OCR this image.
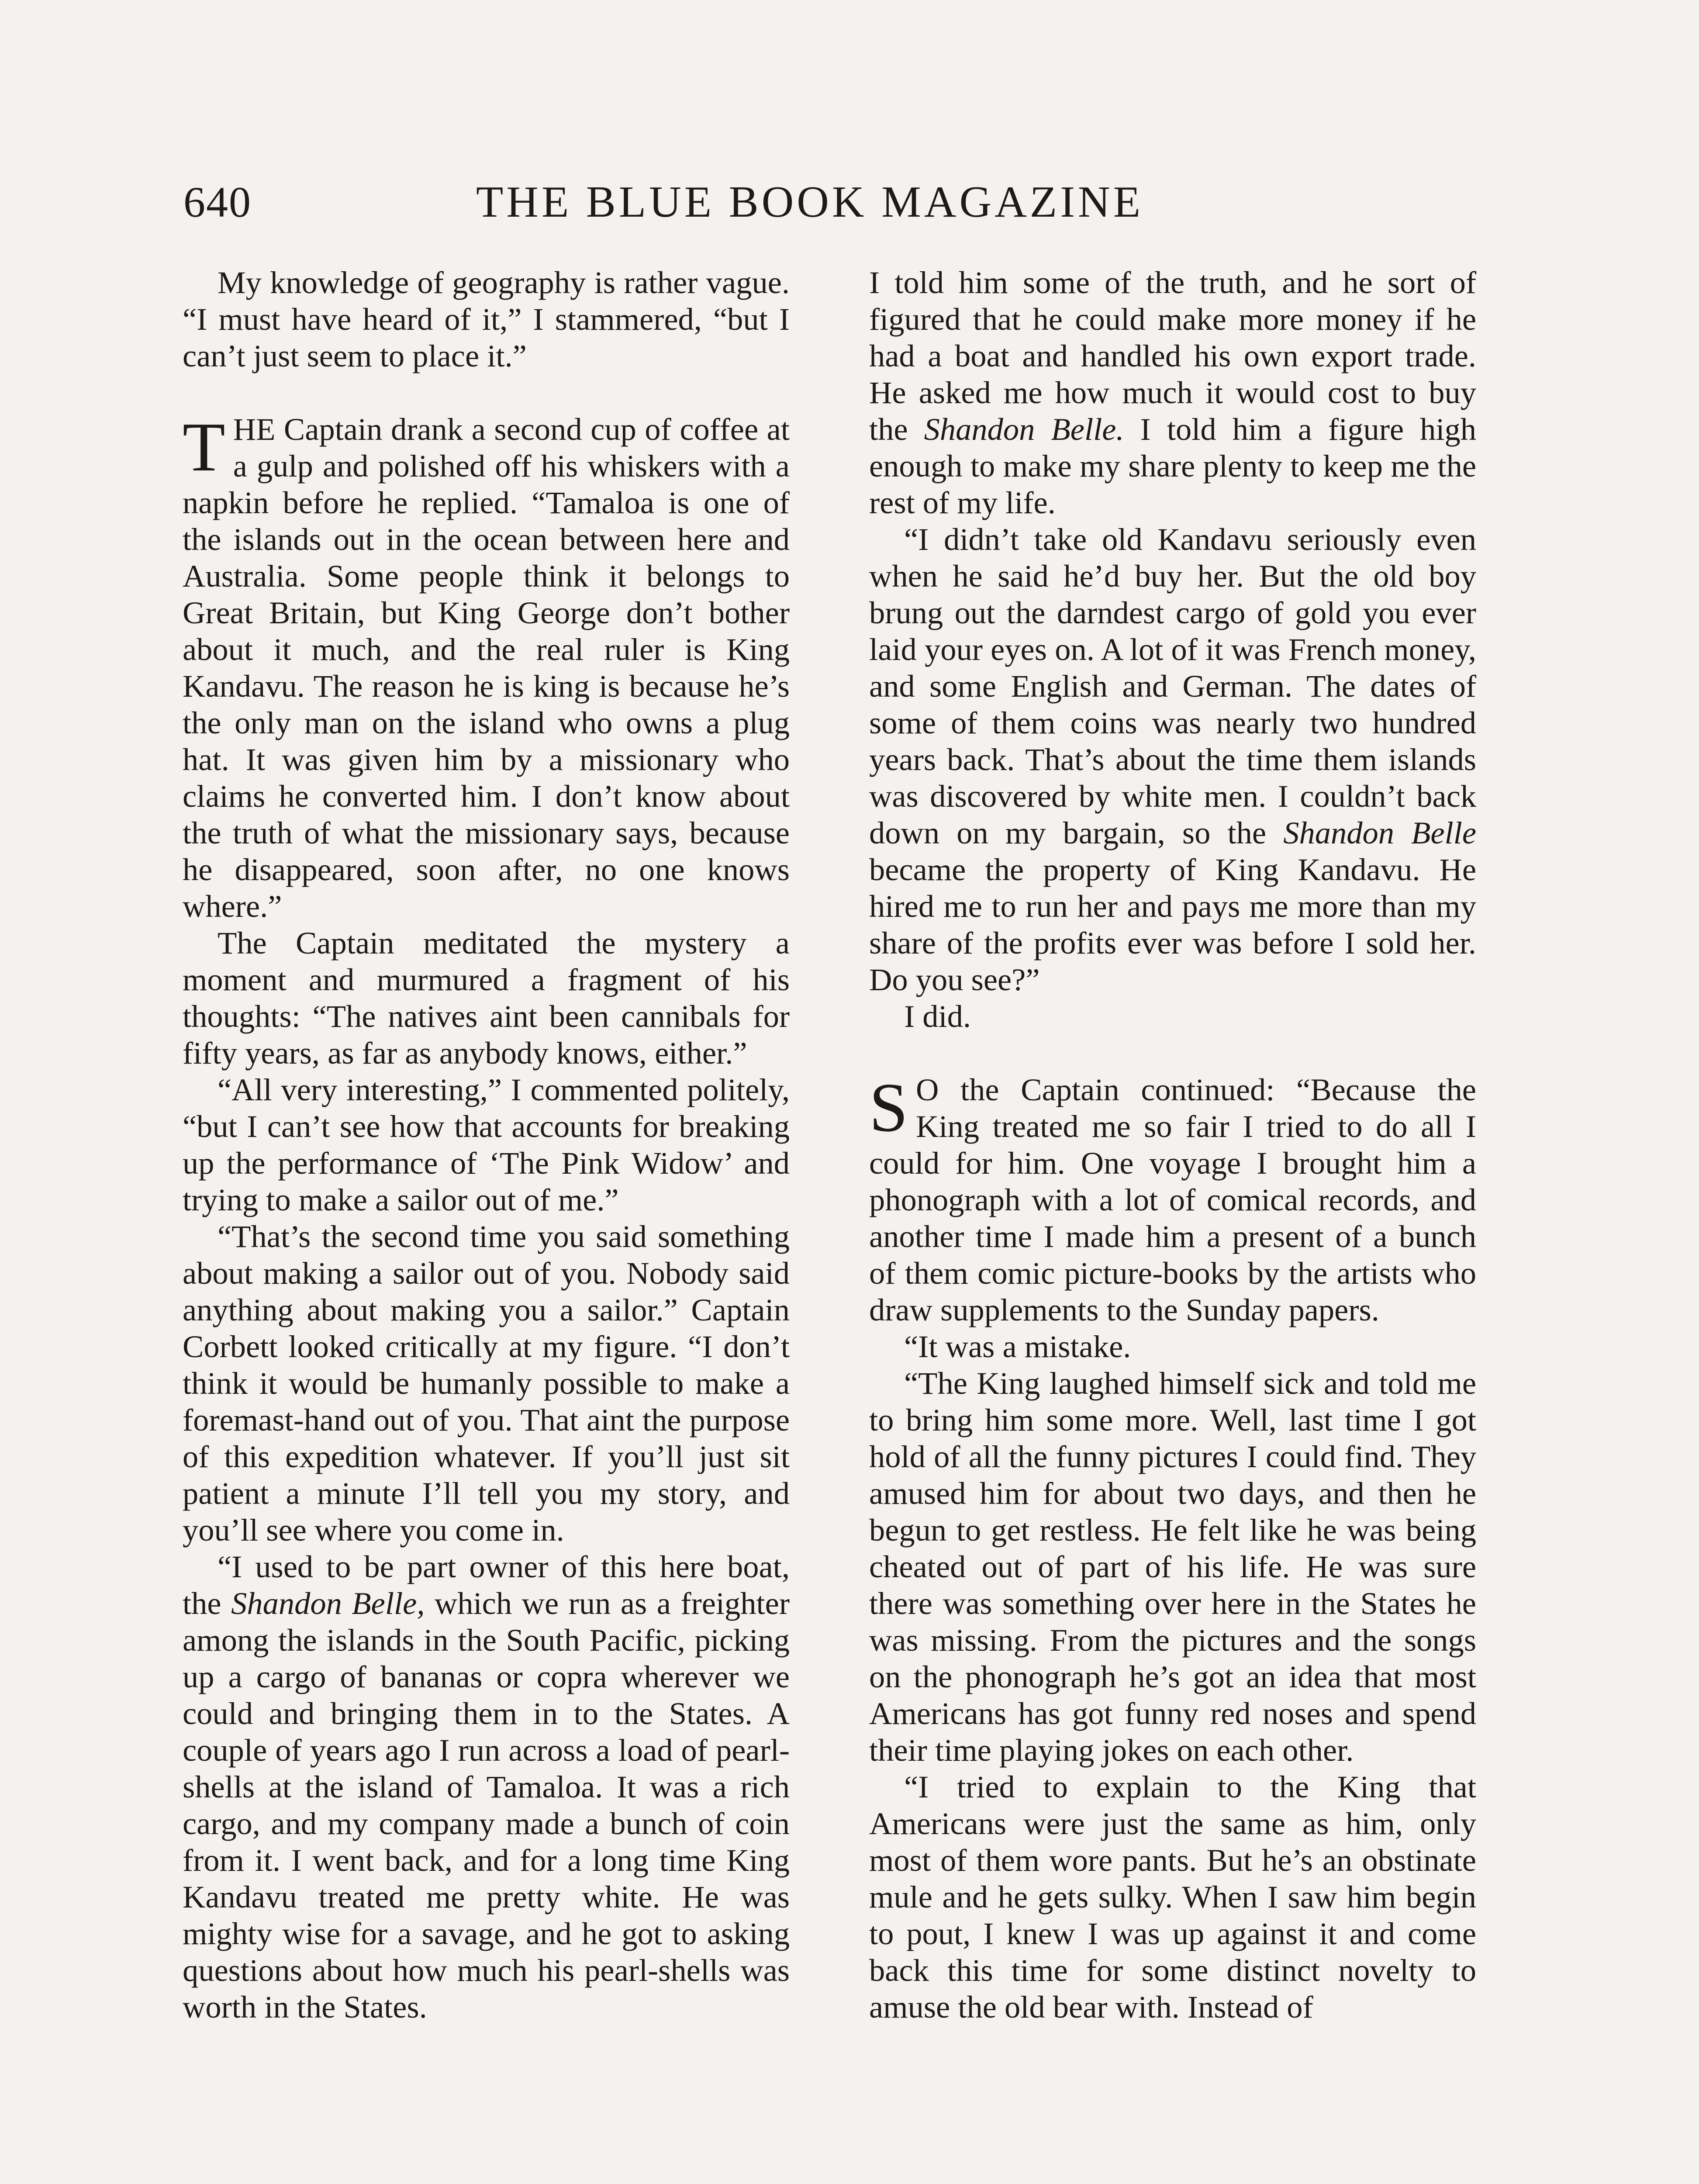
640	THE BLUE BOOK MAGAZINE

My knowledge of geography is rather vague. “I must have heard of it,” I stammered, “but I can’t just seem to place it.”

THE Captain drank a second cup of coffee at a gulp and polished off his whiskers with a napkin before he replied. “Tamaloa is one of the islands out in the ocean between here and Australia. Some people think it belongs to Great Britain, but King George don’t bother about it much, and the real ruler is King Kandavu. The reason he is king is because he’s the only man on the island who owns a plug hat. It was given him by a missionary who claims he converted him. I don’t know about the truth of what the missionary says, because he disappeared, soon after, no one knows where.”

The Captain meditated the mystery a moment and murmured a fragment of his thoughts: “The natives aint been cannibals for fifty years, as far as anybody knows, either.”

“All very interesting,” I commented politely, “but I can’t see how that accounts for breaking up the performance of ‘The Pink Widow’ and trying to make a sailor out of me.”

“That’s the second time you said something about making a sailor out of you. Nobody said anything about making you a sailor.” Captain Corbett looked critically at my figure. “I don’t think it would be humanly possible to make a foremast-hand out of you. That aint the purpose of this expedition whatever. If you’ll just sit patient a minute I’ll tell you my story, and you’ll see where you come in.

“I used to be part owner of this here boat, the Shandon Belle, which we run as a freighter among the islands in the South Pacific, picking up a cargo of bananas or copra wherever we could and bringing them in to the States. A couple of years ago I run across a load of pearl-shells at the island of Tamaloa. It was a rich cargo, and my company made a bunch of coin from it. I went back, and for a long time King Kandavu treated me pretty white. He was mighty wise for a savage, and he got to asking questions about how much his pearl-shells was worth in the States.

I told him some of the truth, and he sort of figured that he could make more money if he had a boat and handled his own export trade. He asked me how much it would cost to buy the Shandon Belle. I told him a figure high enough to make my share plenty to keep me the rest of my life.

“I didn’t take old Kandavu seriously even when he said he’d buy her. But the old boy brung out the darndest cargo of gold you ever laid your eyes on. A lot of it was French money, and some English and German. The dates of some of them coins was nearly two hundred years back. That’s about the time them islands was discovered by white men. I couldn’t back down on my bargain, so the Shandon Belle became the property of King Kandavu. He hired me to run her and pays me more than my share of the profits ever was before I sold her. Do you see?”

I did.

S O the Captain continued: “Because the King treated me so fair I tried to do all I could for him. One voyage I brought him a phonograph with a lot of comical records, and another time I made him a present of a bunch of them comic picture-books by the artists who draw supplements to the Sunday papers.

“It was a mistake.

“The King laughed himself sick and told me to bring him some more. Well, last time I got hold of all the funny pictures I could find. They amused him for about two days, and then he begun to get restless. He felt like he was being cheated out of part of his life. He was sure there was something over here in the States he was missing. From the pictures and the songs on the phonograph he’s got an idea that most Americans has got funny red noses and spend their time playing jokes on each other.

“I tried to explain to the King that Americans were just the same as him, only most of them wore pants. But he’s an obstinate mule and he gets sulky. When I saw him begin to pout, I knew I was up against it and come back this time for some distinct novelty to amuse the old bear with. Instead of
